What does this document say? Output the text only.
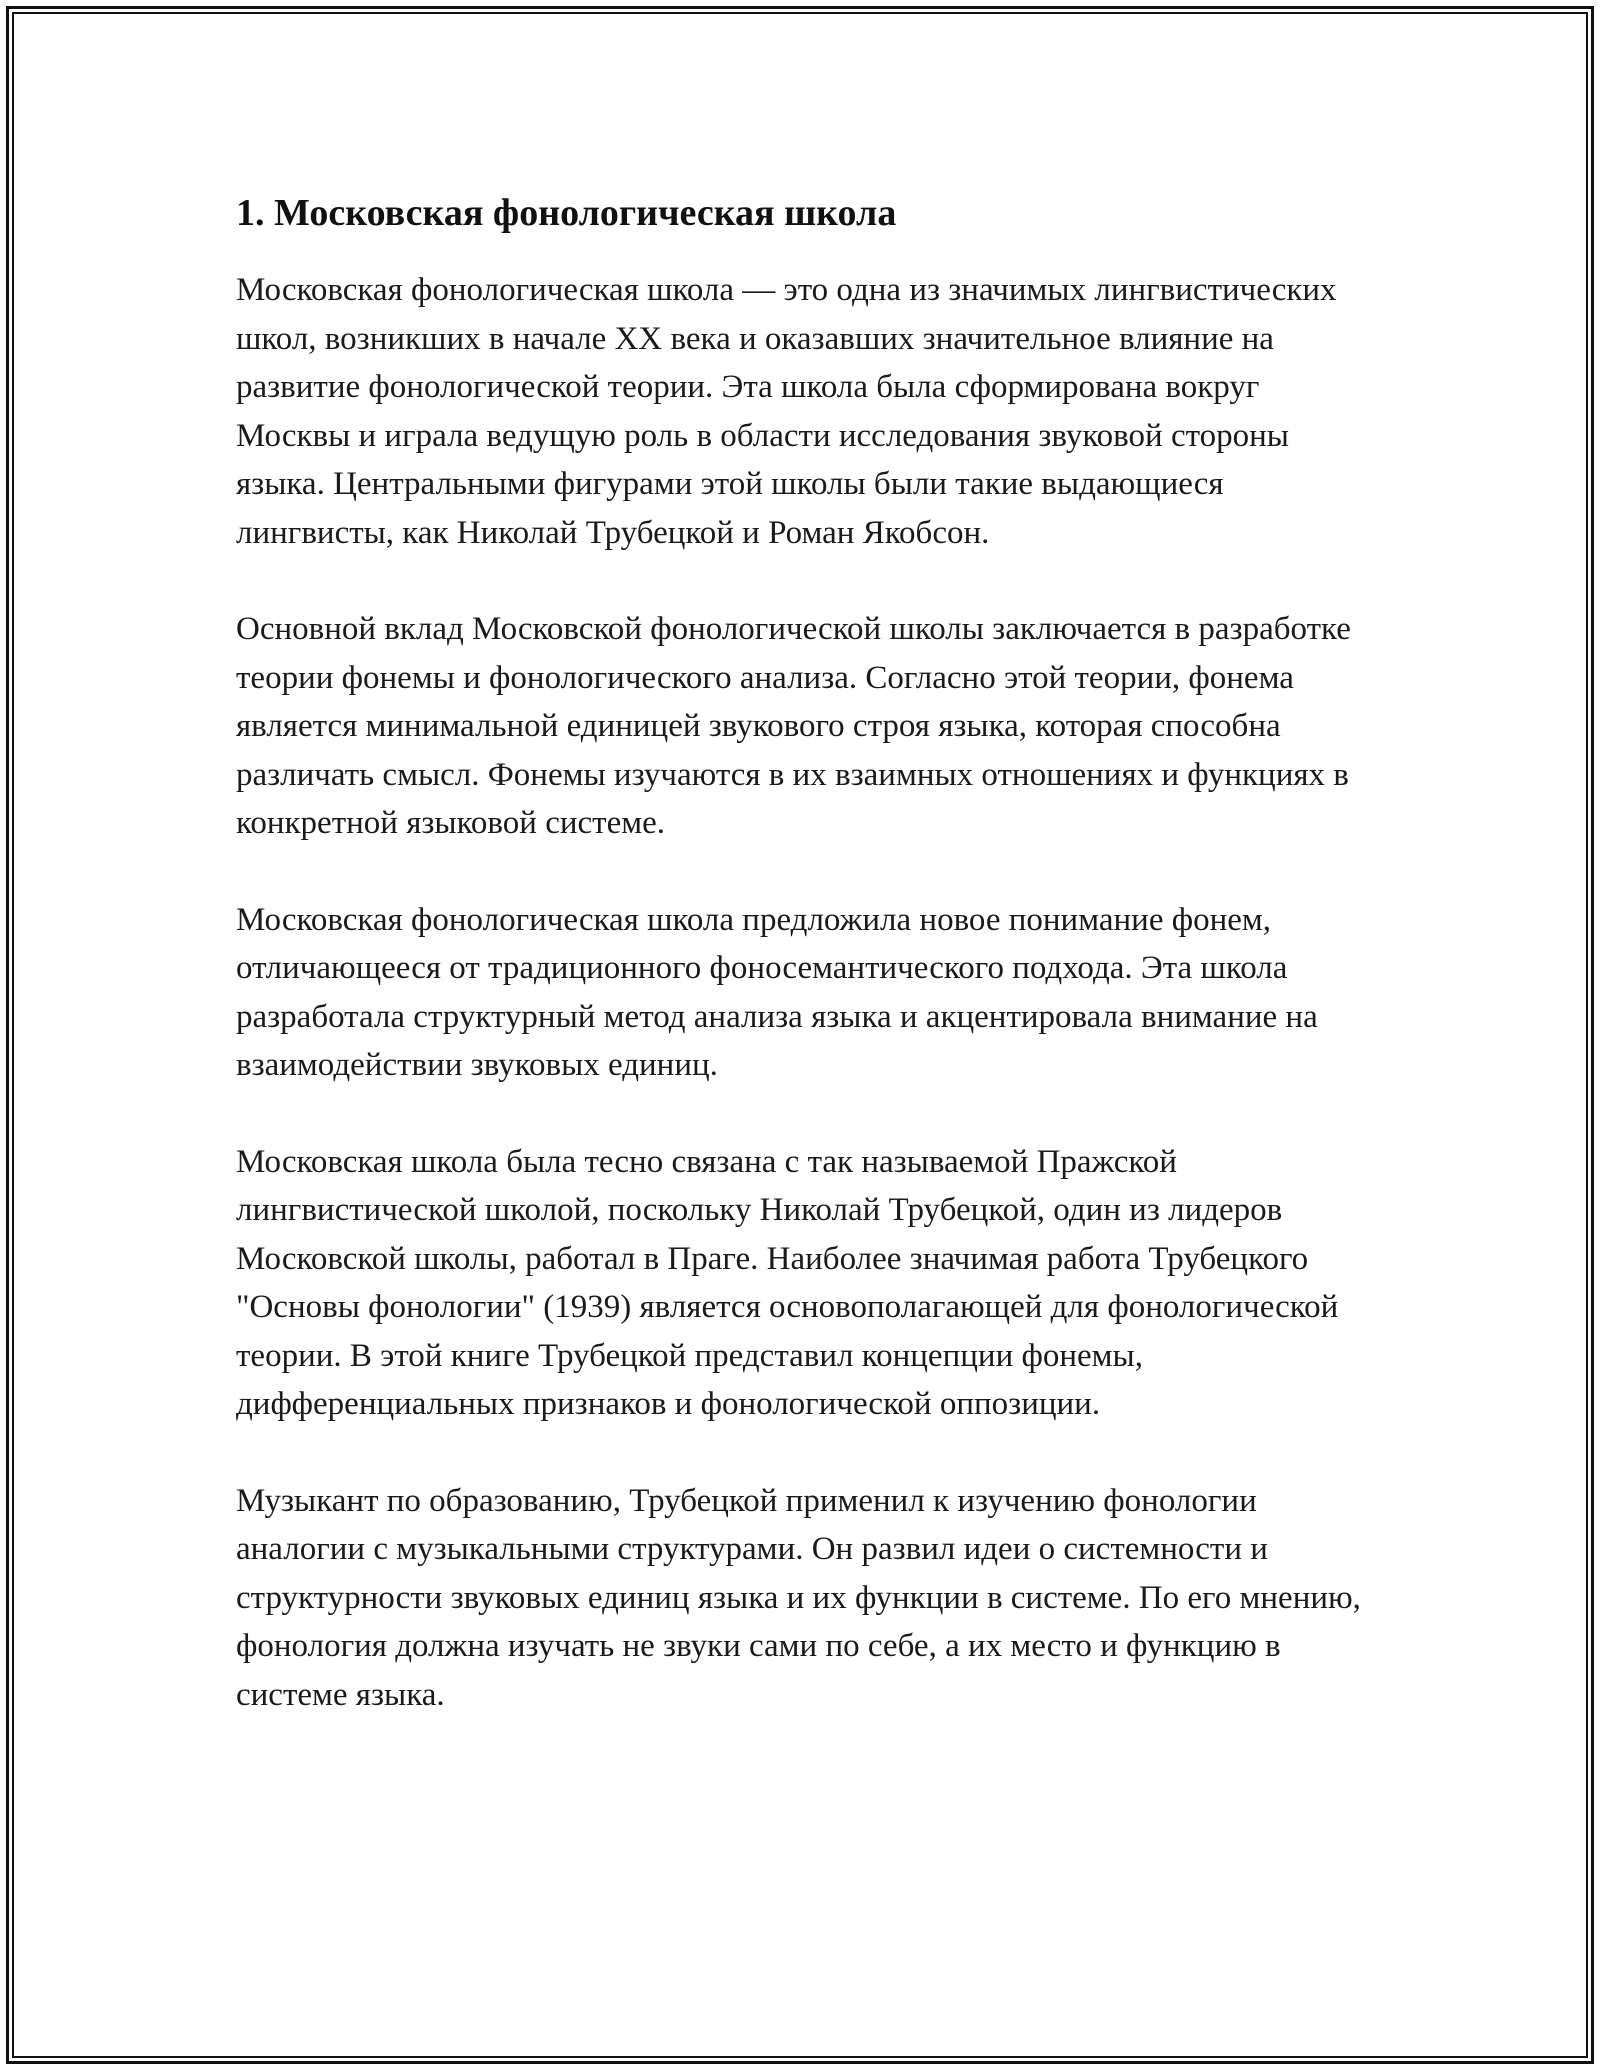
1. Московская фонологическая школа

Московская фонологическая школа — это одна из значимых лингвистических школ, возникших в начале XX века и оказавших значительное влияние на развитие фонологической теории. Эта школа была сформирована вокруг Москвы и играла ведущую роль в области исследования звуковой стороны языка. Центральными фигурами этой школы были такие выдающиеся лингвисты, как Николай Трубецкой и Роман Якобсон.

Основной вклад Московской фонологической школы заключается в разработке теории фонемы и фонологического анализа. Согласно этой теории, фонема является минимальной единицей звукового строя языка, которая способна различать смысл. Фонемы изучаются в их взаимных отношениях и функциях в конкретной языковой системе.

Московская фонологическая школа предложила новое понимание фонем, отличающееся от традиционного фоносемантического подхода. Эта школа разработала структурный метод анализа языка и акцентировала внимание на взаимодействии звуковых единиц.

Московская школа была тесно связана с так называемой Пражской лингвистической школой, поскольку Николай Трубецкой, один из лидеров Московской школы, работал в Праге. Наиболее значимая работа Трубецкого "Основы фонологии" (1939) является основополагающей для фонологической теории. В этой книге Трубецкой представил концепции фонемы, дифференциальных признаков и фонологической оппозиции.

Музыкант по образованию, Трубецкой применил к изучению фонологии аналогии с музыкальными структурами. Он развил идеи о системности и структурности звуковых единиц языка и их функции в системе. По его мнению, фонология должна изучать не звуки сами по себе, а их место и функцию в системе языка.
